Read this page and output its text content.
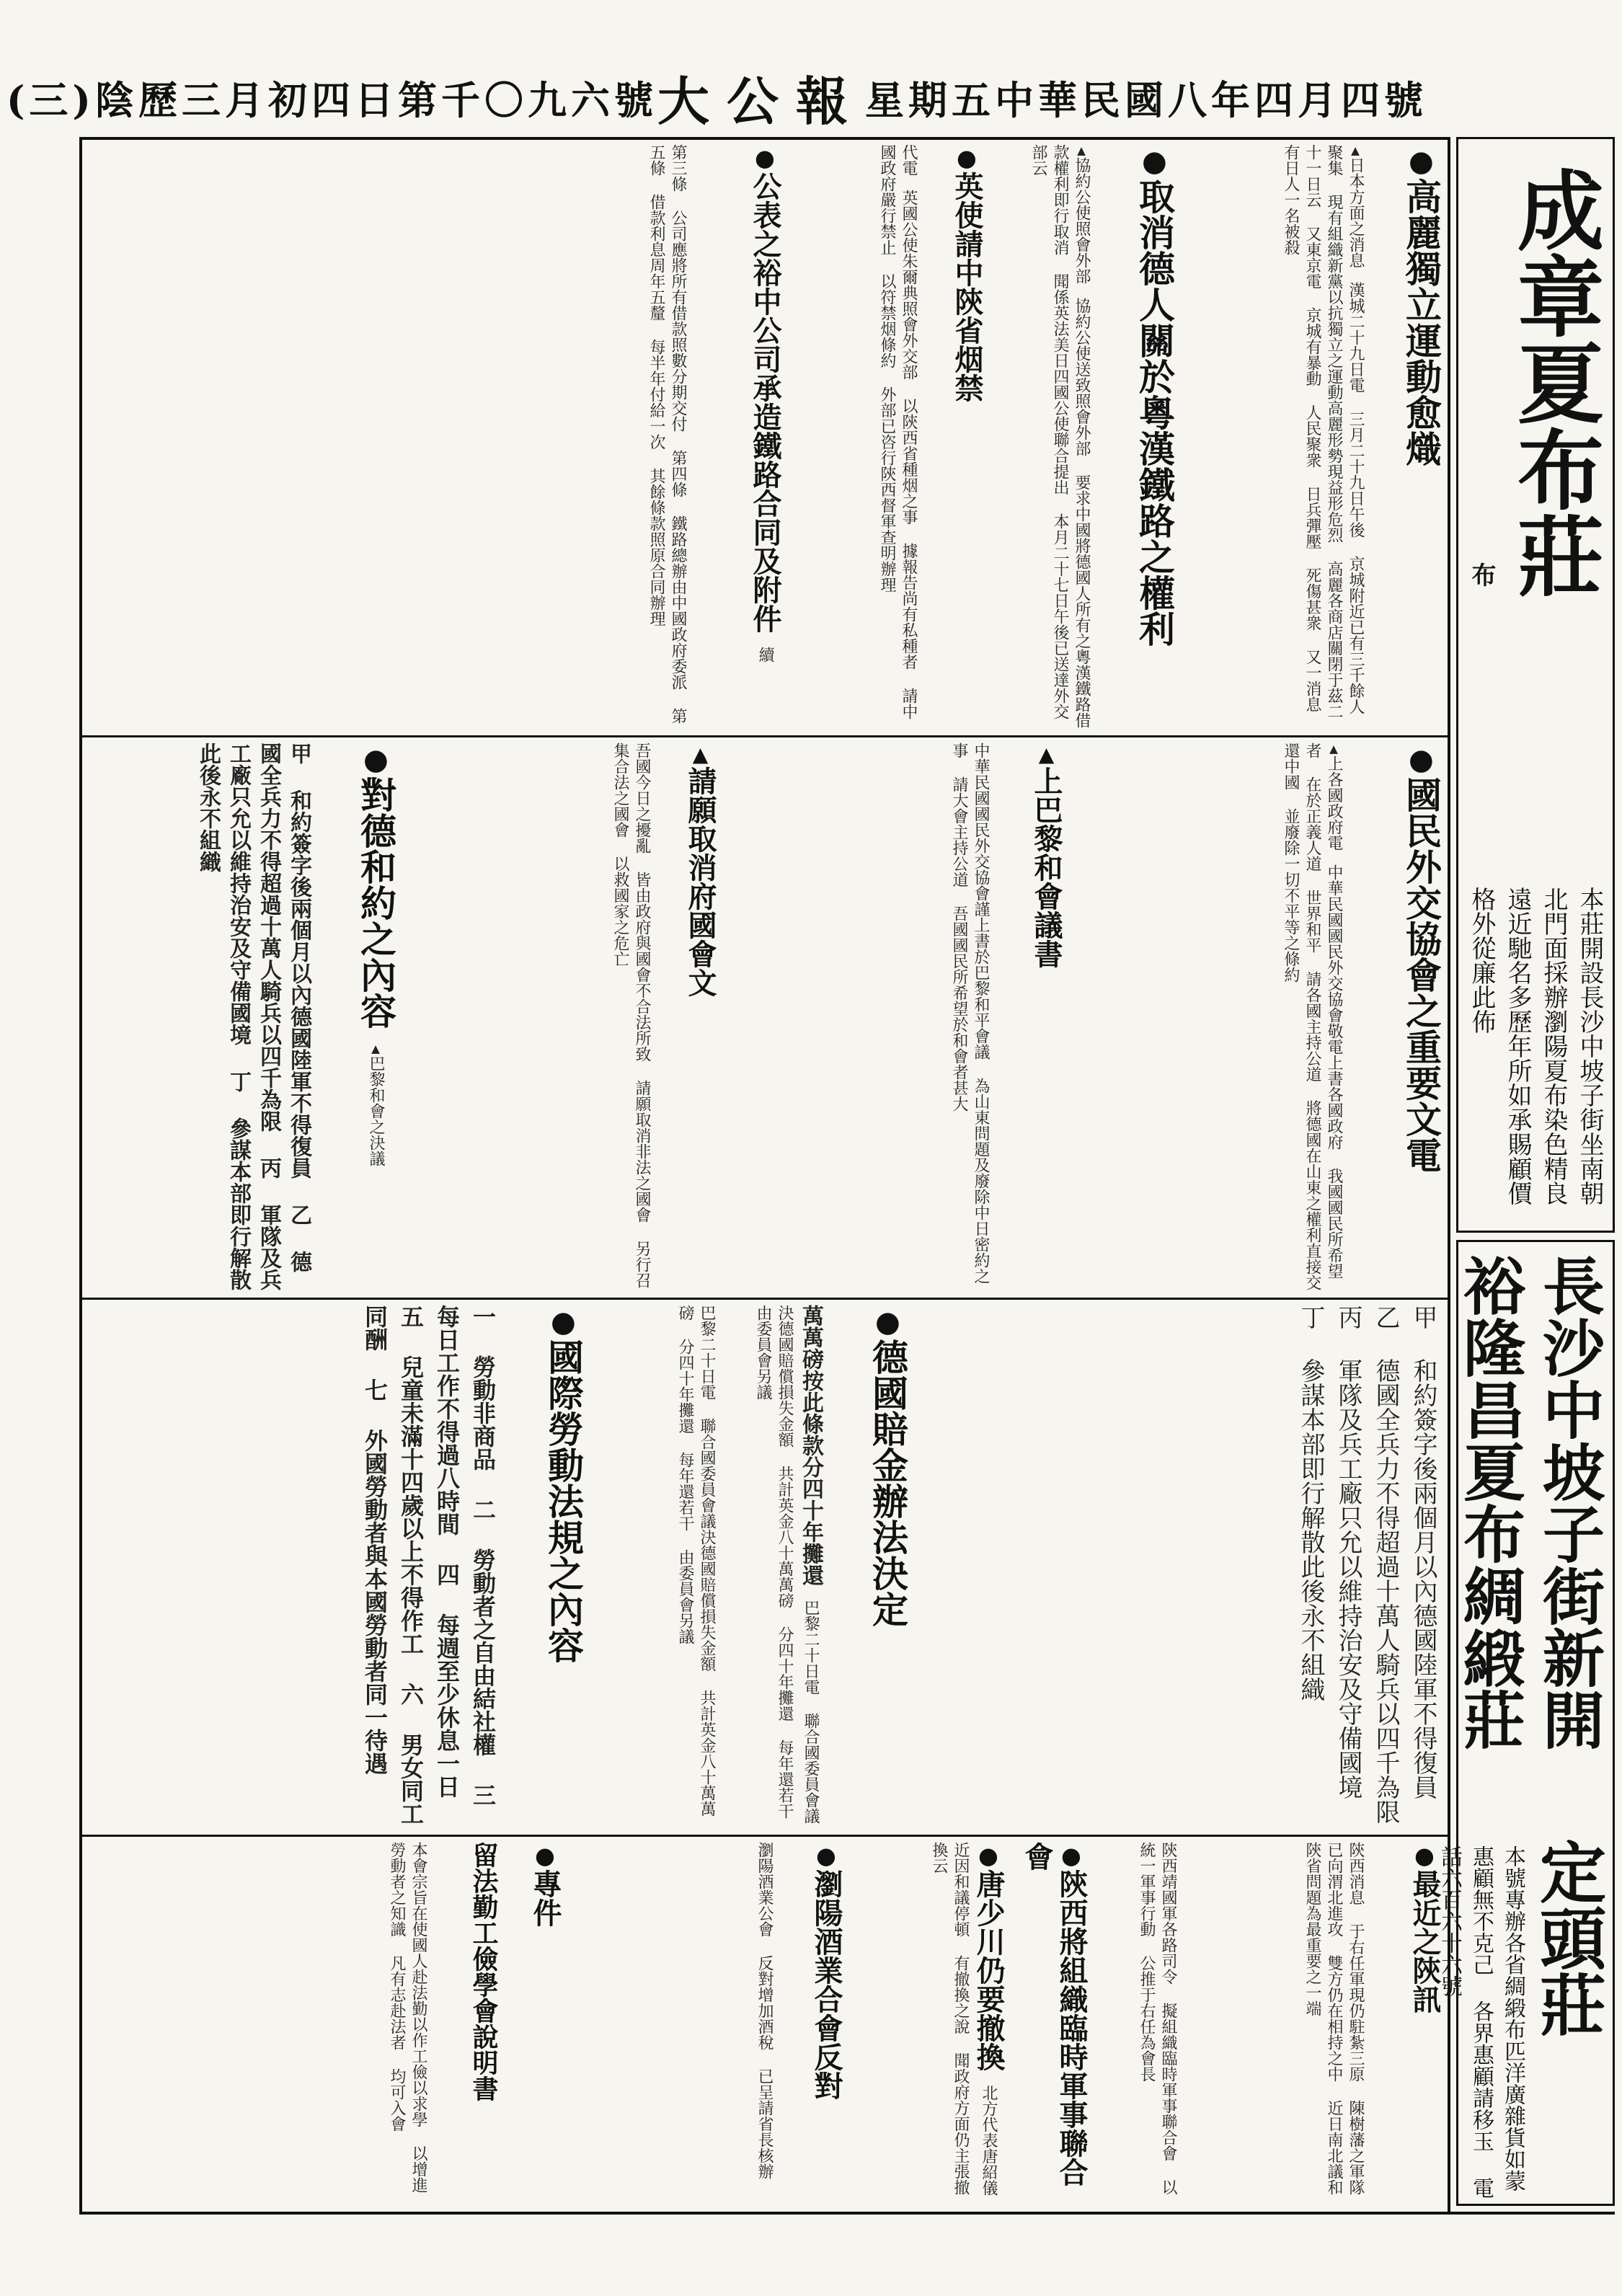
中華民國八年四月四號
星期五
大公報
第千〇九六號
陰歷三月初四日
(三)
成章夏布莊
布
本莊開設長沙中坡子街坐南朝北門面採辦瀏陽夏布染色精良遠近馳名多歷年所如承賜顧價格外從廉此佈
長沙中坡子街新開 裕隆昌夏布綢緞莊
定頭莊
本號專辦各省綢緞布匹洋廣雜貨如蒙惠顧無不克己 各界惠顧請移玉 電話六百六十六號
● 高麗獨立運動愈熾
▲ 日本方面之消息 漢城二十九日電 三月二十九日午後 京城附近已有三千餘人聚集 現有組織新黨以抗獨立之運動高麗形勢現益形危烈 高麗各商店關閉于茲二十一日云 又東京電 京城有暴動 人民聚衆 日兵彈壓 死傷甚衆 又一消息 有日人一名被殺
● 取消德人關於粵漢鐵路之權利
▲ 協約公使照會外部 協約公使送致照會外部 要求中國將德國人所有之粵漢鐵路借款權利即行取消 聞係英法美日四國公使聯合提出 本月二十七日午後已送達外交部云
● 英使請中陝省烟禁
代電 英國公使朱爾典照會外交部 以陝西省種烟之事 據報告尚有私種者 請中國政府嚴行禁止 以符禁烟條約 外部已咨行陝西督軍查明辦理
● 公表之裕中公司承造鐵路合同及附件 續
第三條 公司應將所有借款照數分期交付 第四條 鐵路總辦由中國政府委派 第五條 借款利息周年五釐 每半年付給一次 其餘條款照原合同辦理
● 國民外交協會之重要文電
▲ 上各國政府電 中華民國國民外交協會敬電上書各國政府 我國國民所希望者 在於正義人道 世界和平 請各國主持公道 將德國在山東之權利直接交還中國 並廢除一切不平等之條約
▲ 上巴黎和會議書
中華民國國民外交協會謹上書於巴黎和平會議 為山東問題及廢除中日密約之事 請大會主持公道 吾國國民所希望於和會者甚大
▲ 請願取消府國會文
吾國今日之擾亂 皆由政府與國會不合法所致 請願取消非法之國會 另行召集合法之國會 以救國家之危亡
● 對德和約之內容 ▲ 巴黎和會之決議
甲 和約簽字後兩個月以內德國陸軍不得復員 乙 德國全兵力不得超過十萬人騎兵以四千為限 丙 軍隊及兵工廠只允以維持治安及守備國境 丁 參謀本部即行解散此後永不組織
● 德國賠金辦法決定
萬萬磅按此條款分四十年攤還 巴黎二十日電 聯合國委員會議決德國賠償損失金額 共計英金八十萬萬磅 分四十年攤還 每年還若干 由委員會另議	甲 和約簽字後兩個月以內德國陸軍不得復員 乙 德國全兵力不得超過十萬人騎兵以四千為限 丙 軍隊及兵工廠只允以維持治安及守備國境 丁 參謀本部即行解散此後永不組織
● 國際勞動法規之內容
一 勞動非商品 二 勞動者之自由結社權 三 每日工作不得過八時間 四 每週至少休息一日 五 兒童未滿十四歲以上不得作工 六 男女同工同酬 七 外國勞動者與本國勞動者同一待遇	巴黎二十日電 聯合國委員會議決德國賠償損失金額 共計英金八十萬萬磅 分四十年攤還 每年還若干 由委員會另議
● 最近之陝訊
陝西消息 于右任軍現仍駐紮三原 陳樹藩之軍隊已向渭北進攻 雙方仍在相持之中 近日南北議和 陝省問題為最重要之一端
● 陝西將組織臨時軍事聯合會	陝西靖國軍各路司令 擬組織臨時軍事聯合會 以統一軍事行動 公推于右任為會長
● 瀏陽酒業合會反對
瀏陽酒業公會 反對增加酒稅 已呈請省長核辦
● 專件
留法勤工儉學會說明書
本會宗旨在使國人赴法勤以作工儉以求學 以增進勞動者之知識 凡有志赴法者 均可入會
●	唐少川仍要撤換 北方代表唐紹儀 近因和議停頓 有撤換之說 聞政府方面仍主張撤換云
